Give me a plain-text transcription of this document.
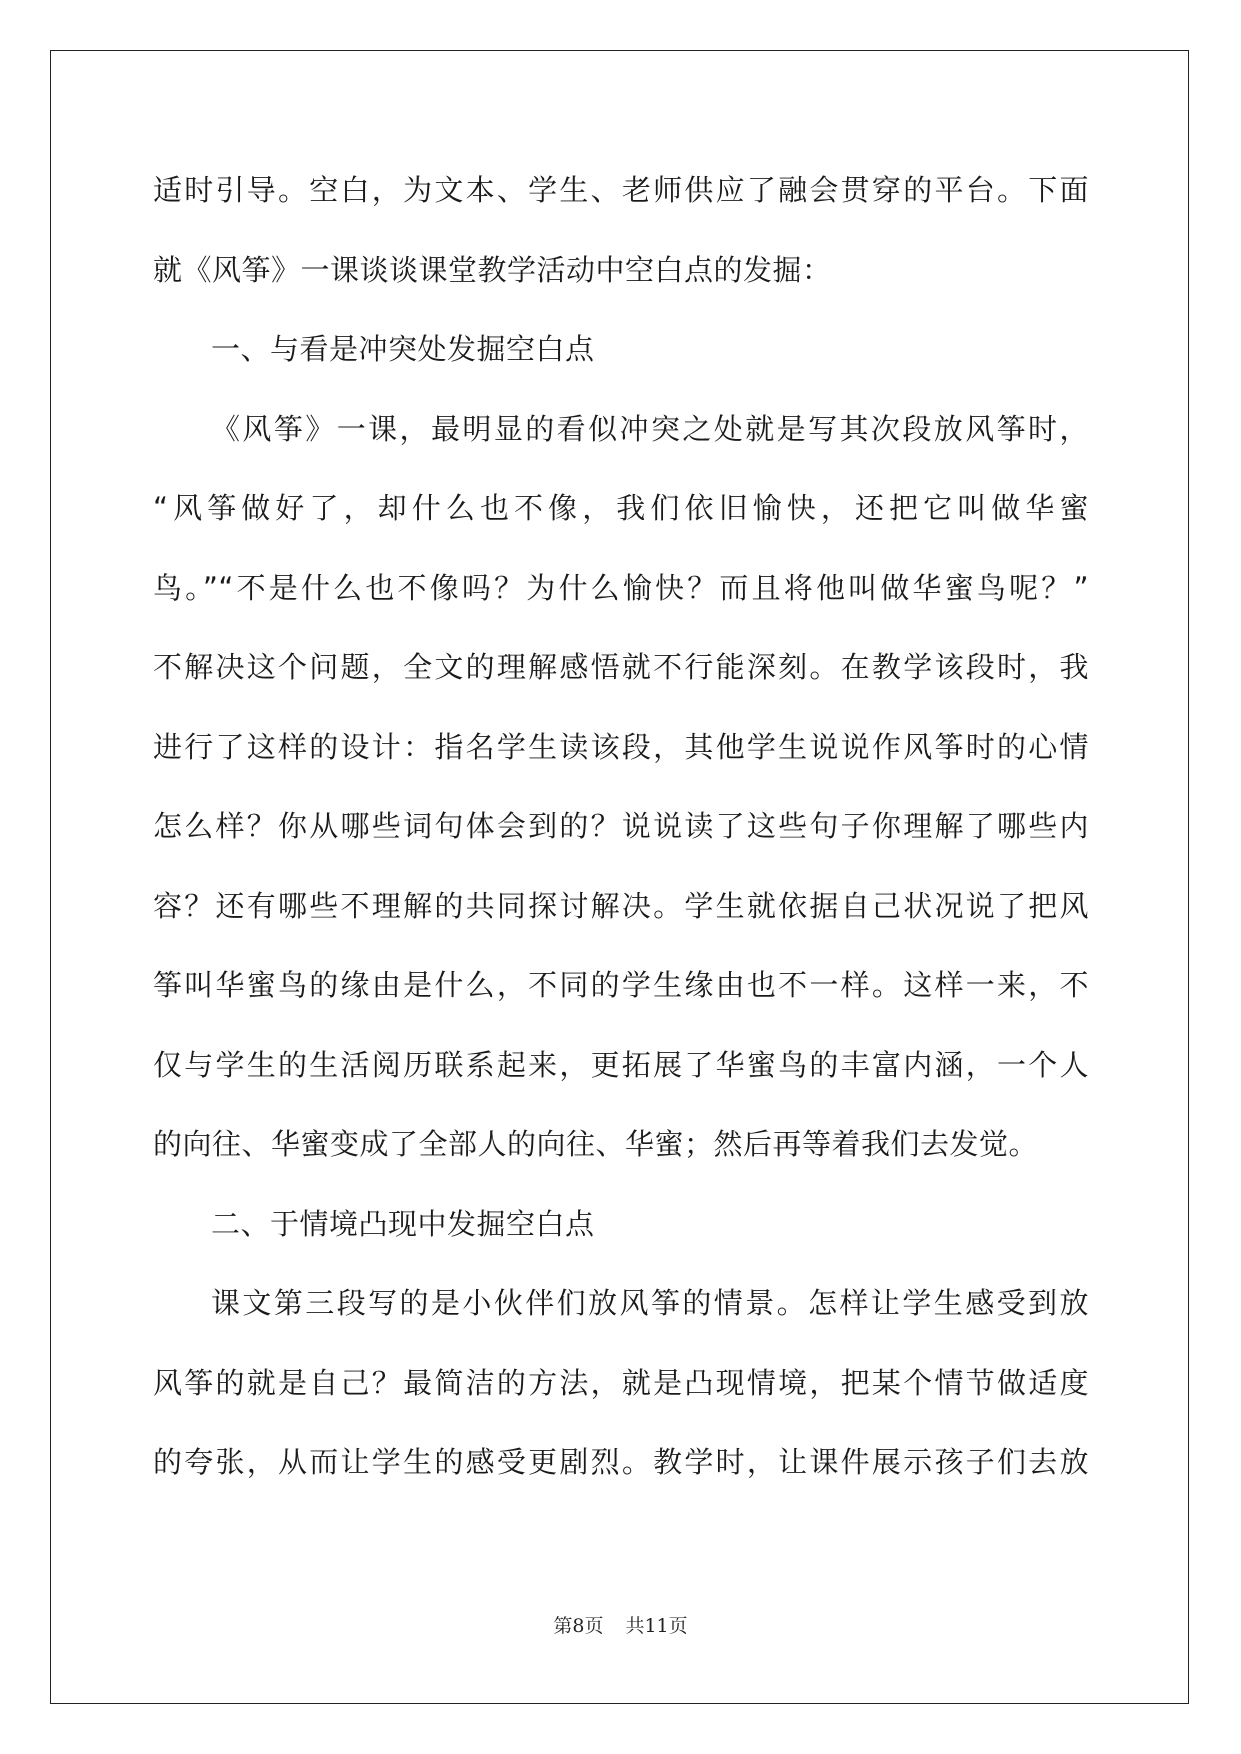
适时引导。空白，为文本、学生、老师供应了融会贯穿的平台。下面
就《风筝》一课谈谈课堂教学活动中空白点的发掘：
一、与看是冲突处发掘空白点
《风筝》一课，最明显的看似冲突之处就是写其次段放风筝时，
“风筝做好了，却什么也不像，我们依旧愉快，还把它叫做华蜜
鸟。”“不是什么也不像吗？为什么愉快？而且将他叫做华蜜鸟呢？”
不解决这个问题，全文的理解感悟就不行能深刻。在教学该段时，我
进行了这样的设计：指名学生读该段，其他学生说说作风筝时的心情
怎么样？你从哪些词句体会到的？说说读了这些句子你理解了哪些内
容？还有哪些不理解的共同探讨解决。学生就依据自己状况说了把风
筝叫华蜜鸟的缘由是什么，不同的学生缘由也不一样。这样一来，不
仅与学生的生活阅历联系起来，更拓展了华蜜鸟的丰富内涵，一个人
的向往、华蜜变成了全部人的向往、华蜜；然后再等着我们去发觉。
二、于情境凸现中发掘空白点
课文第三段写的是小伙伴们放风筝的情景。怎样让学生感受到放
风筝的就是自己？最简洁的方法，就是凸现情境，把某个情节做适度
的夸张，从而让学生的感受更剧烈。教学时，让课件展示孩子们去放
第8页 共11页
